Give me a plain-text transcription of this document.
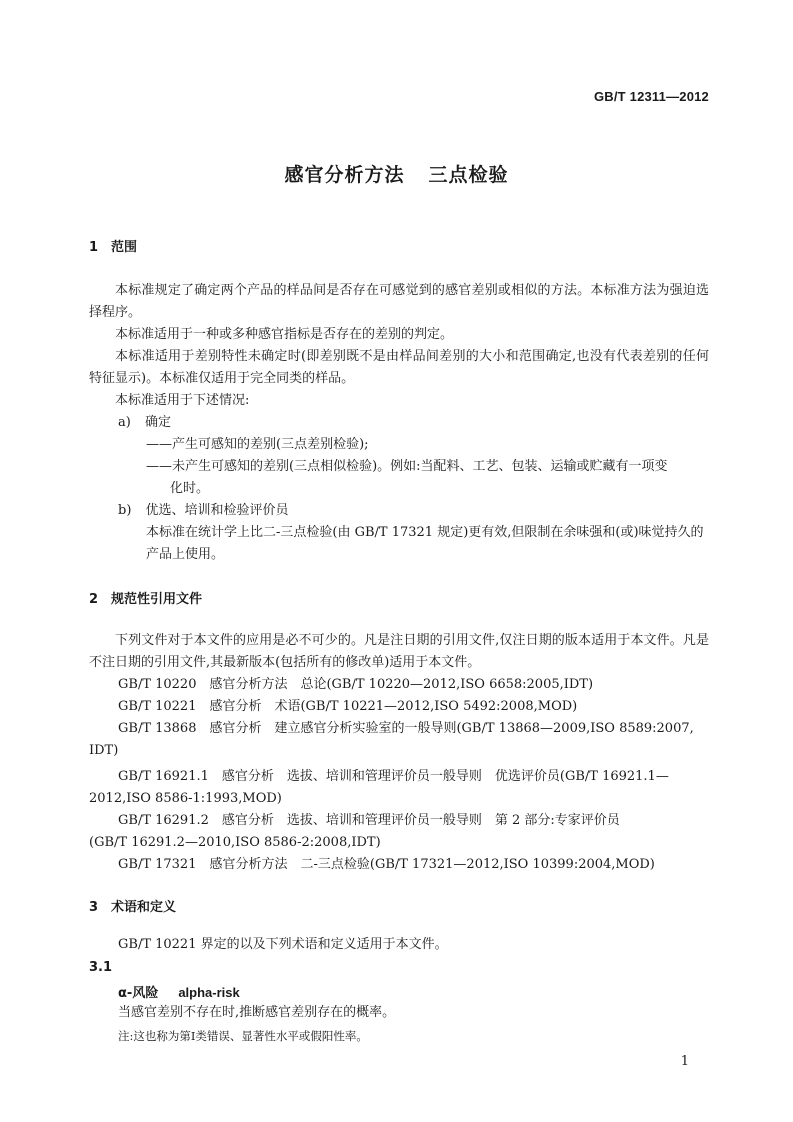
GB/T 12311—2012
感官分析方法 三点检验
1 范围
本标准规定了确定两个产品的样品间是否存在可感觉到的感官差别或相似的方法。本标准方法为强迫选择程序。
本标准适用于一种或多种感官指标是否存在的差别的判定。
本标准适用于差别特性未确定时(即差别既不是由样品间差别的大小和范围确定,也没有代表差别的任何特征显示)。本标准仅适用于完全同类的样品。
本标准适用于下述情况:
a) 确定
——产生可感知的差别(三点差别检验);
——未产生可感知的差别(三点相似检验)。例如:当配料、工艺、包装、运输或贮藏有一项变
化时。
b) 优选、培训和检验评价员
本标准在统计学上比二-三点检验(由 GB/T 17321 规定)更有效,但限制在余味强和(或)味觉持久的产品上使用。
2 规范性引用文件
下列文件对于本文件的应用是必不可少的。凡是注日期的引用文件,仅注日期的版本适用于本文件。凡是不注日期的引用文件,其最新版本(包括所有的修改单)适用于本文件。
GB/T 10220　感官分析方法　总论(GB/T 10220—2012,ISO 6658:2005,IDT)
GB/T 10221　感官分析　术语(GB/T 10221—2012,ISO 5492:2008,MOD)
GB/T 13868　感官分析　建立感官分析实验室的一般导则(GB/T 13868—2009,ISO 8589:2007,
IDT)
GB/T 16921.1　感官分析　选拔、培训和管理评价员一般导则　优选评价员(GB/T 16921.1—
2012,ISO 8586-1:1993,MOD)
GB/T 16291.2　感官分析　选拔、培训和管理评价员一般导则　第 2 部分:专家评价员
(GB/T 16291.2—2010,ISO 8586-2:2008,IDT)
GB/T 17321　感官分析方法　二-三点检验(GB/T 17321—2012,ISO 10399:2004,MOD)
3 术语和定义
GB/T 10221 界定的以及下列术语和定义适用于本文件。
3.1
α-风险 alpha-risk
当感官差别不存在时,推断感官差别存在的概率。
注:这也称为第Ⅰ类错误、显著性水平或假阳性率。
1
